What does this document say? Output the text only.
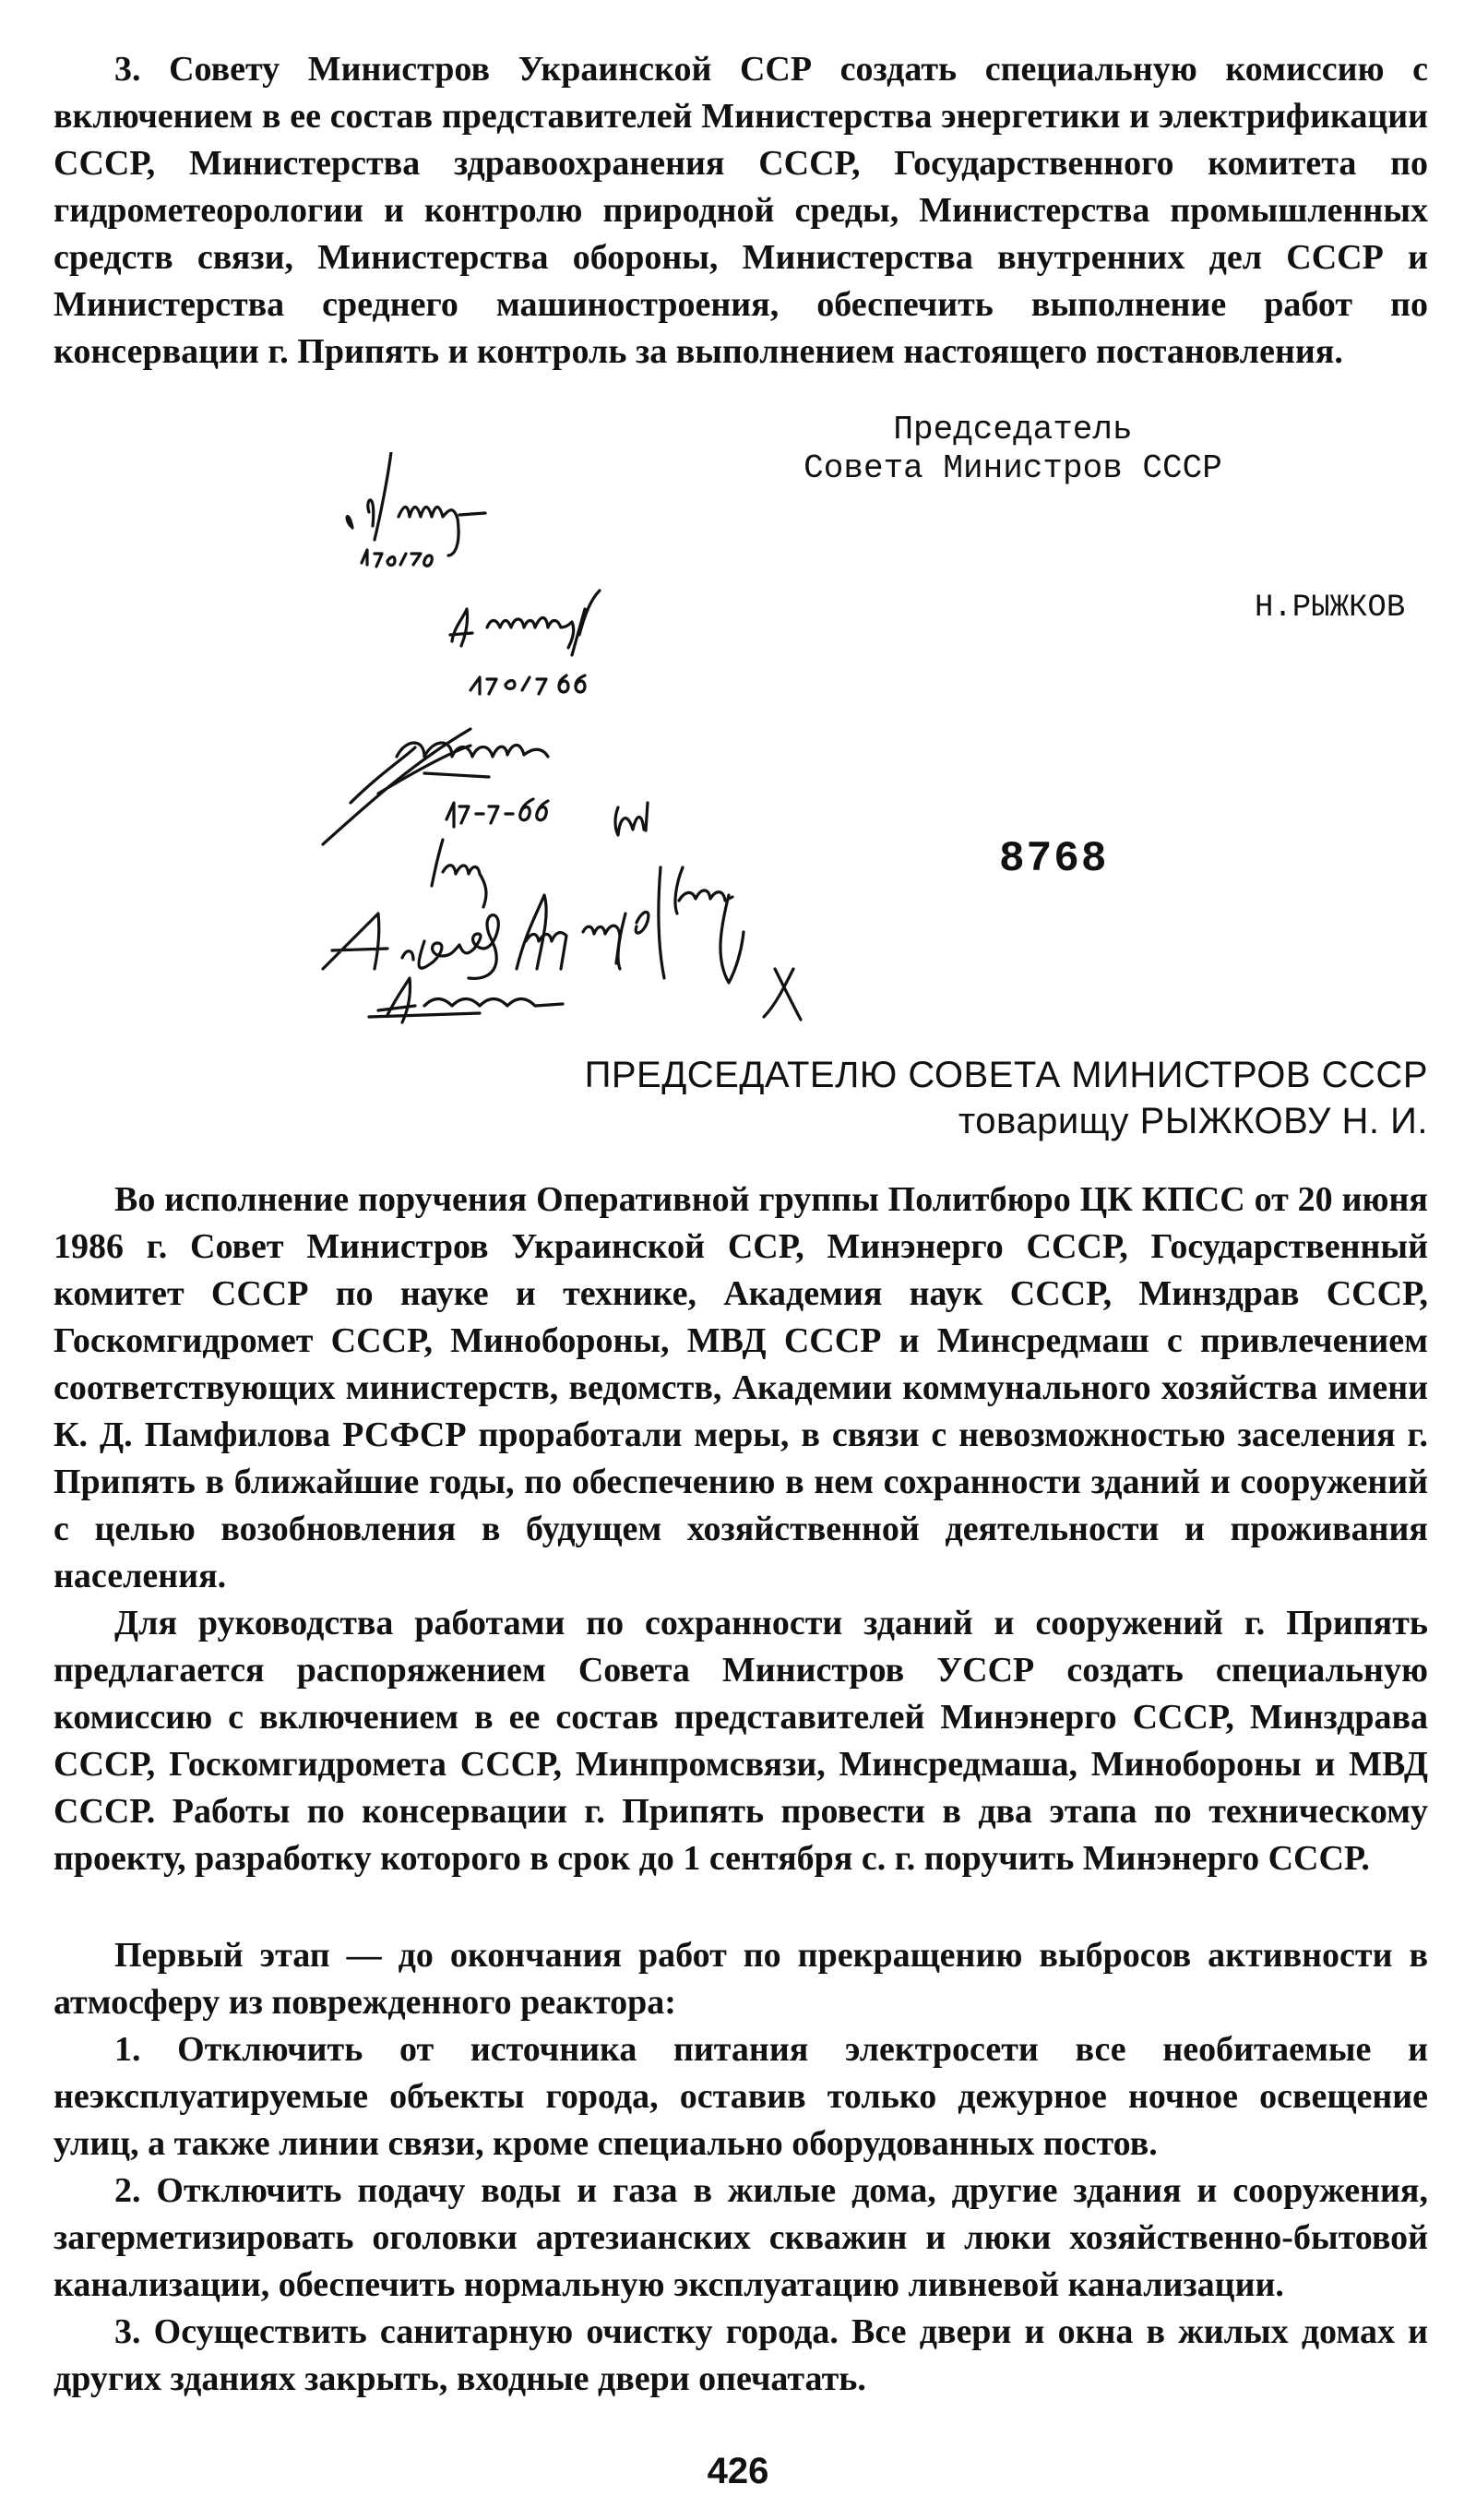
3. Совету Министров Украинской ССР создать специальную комиссию с включением в ее состав представителей Министерства энергетики и электрификации СССР, Министерства здравоохранения СССР, Государственного комитета по гидрометеорологии и контролю природной среды, Министерства промышленных средств связи, Министерства обороны, Министерства внутренних дел СССР и Министерства среднего машиностроения, обеспечить выполнение работ по консервации г. Припять и контроль за выполнением настоящего постановления.

Председатель
Совета Министров СССР
Н.РЫЖКОВ
8768
ПРЕДСЕДАТЕЛЮ СОВЕТА МИНИСТРОВ СССР
товарищу РЫЖКОВУ Н. И.

Во исполнение поручения Оперативной группы Политбюро ЦК КПСС от 20 июня 1986 г. Совет Министров Украинской ССР, Минэнерго СССР, Государственный комитет СССР по науке и технике, Академия наук СССР, Минздрав СССР, Госкомгидромет СССР, Минобороны, МВД СССР и Минсредмаш с привлечением соответствующих министерств, ведомств, Академии коммунального хозяйства имени К. Д. Памфилова РСФСР проработали меры, в связи с невозможностью заселения г. Припять в ближайшие годы, по обеспечению в нем сохранности зданий и сооружений с целью возобновления в будущем хозяйственной деятельности и проживания населения.

Для руководства работами по сохранности зданий и сооружений г. Припять предлагается распоряжением Совета Министров УССР создать специальную комиссию с включением в ее состав представителей Минэнерго СССР, Минздрава СССР, Госкомгидромета СССР, Минпромсвязи, Минсредмаша, Минобороны и МВД СССР. Работы по консервации г. Припять провести в два этапа по техническому проекту, разработку которого в срок до 1 сентября с. г. поручить Минэнерго СССР.

Первый этап — до окончания работ по прекращению выбросов активности в атмосферу из поврежденного реактора:

1. Отключить от источника питания электросети все необитаемые и неэксплуатируемые объекты города, оставив только дежурное ночное освещение улиц, а также линии связи, кроме специально оборудованных постов.

2. Отключить подачу воды и газа в жилые дома, другие здания и сооружения, загерметизировать оголовки артезианских скважин и люки хозяйственно-бытовой канализации, обеспечить нормальную эксплуатацию ливневой канализации.

3. Осуществить санитарную очистку города. Все двери и окна в жилых домах и других зданиях закрыть, входные двери опечатать.

426
